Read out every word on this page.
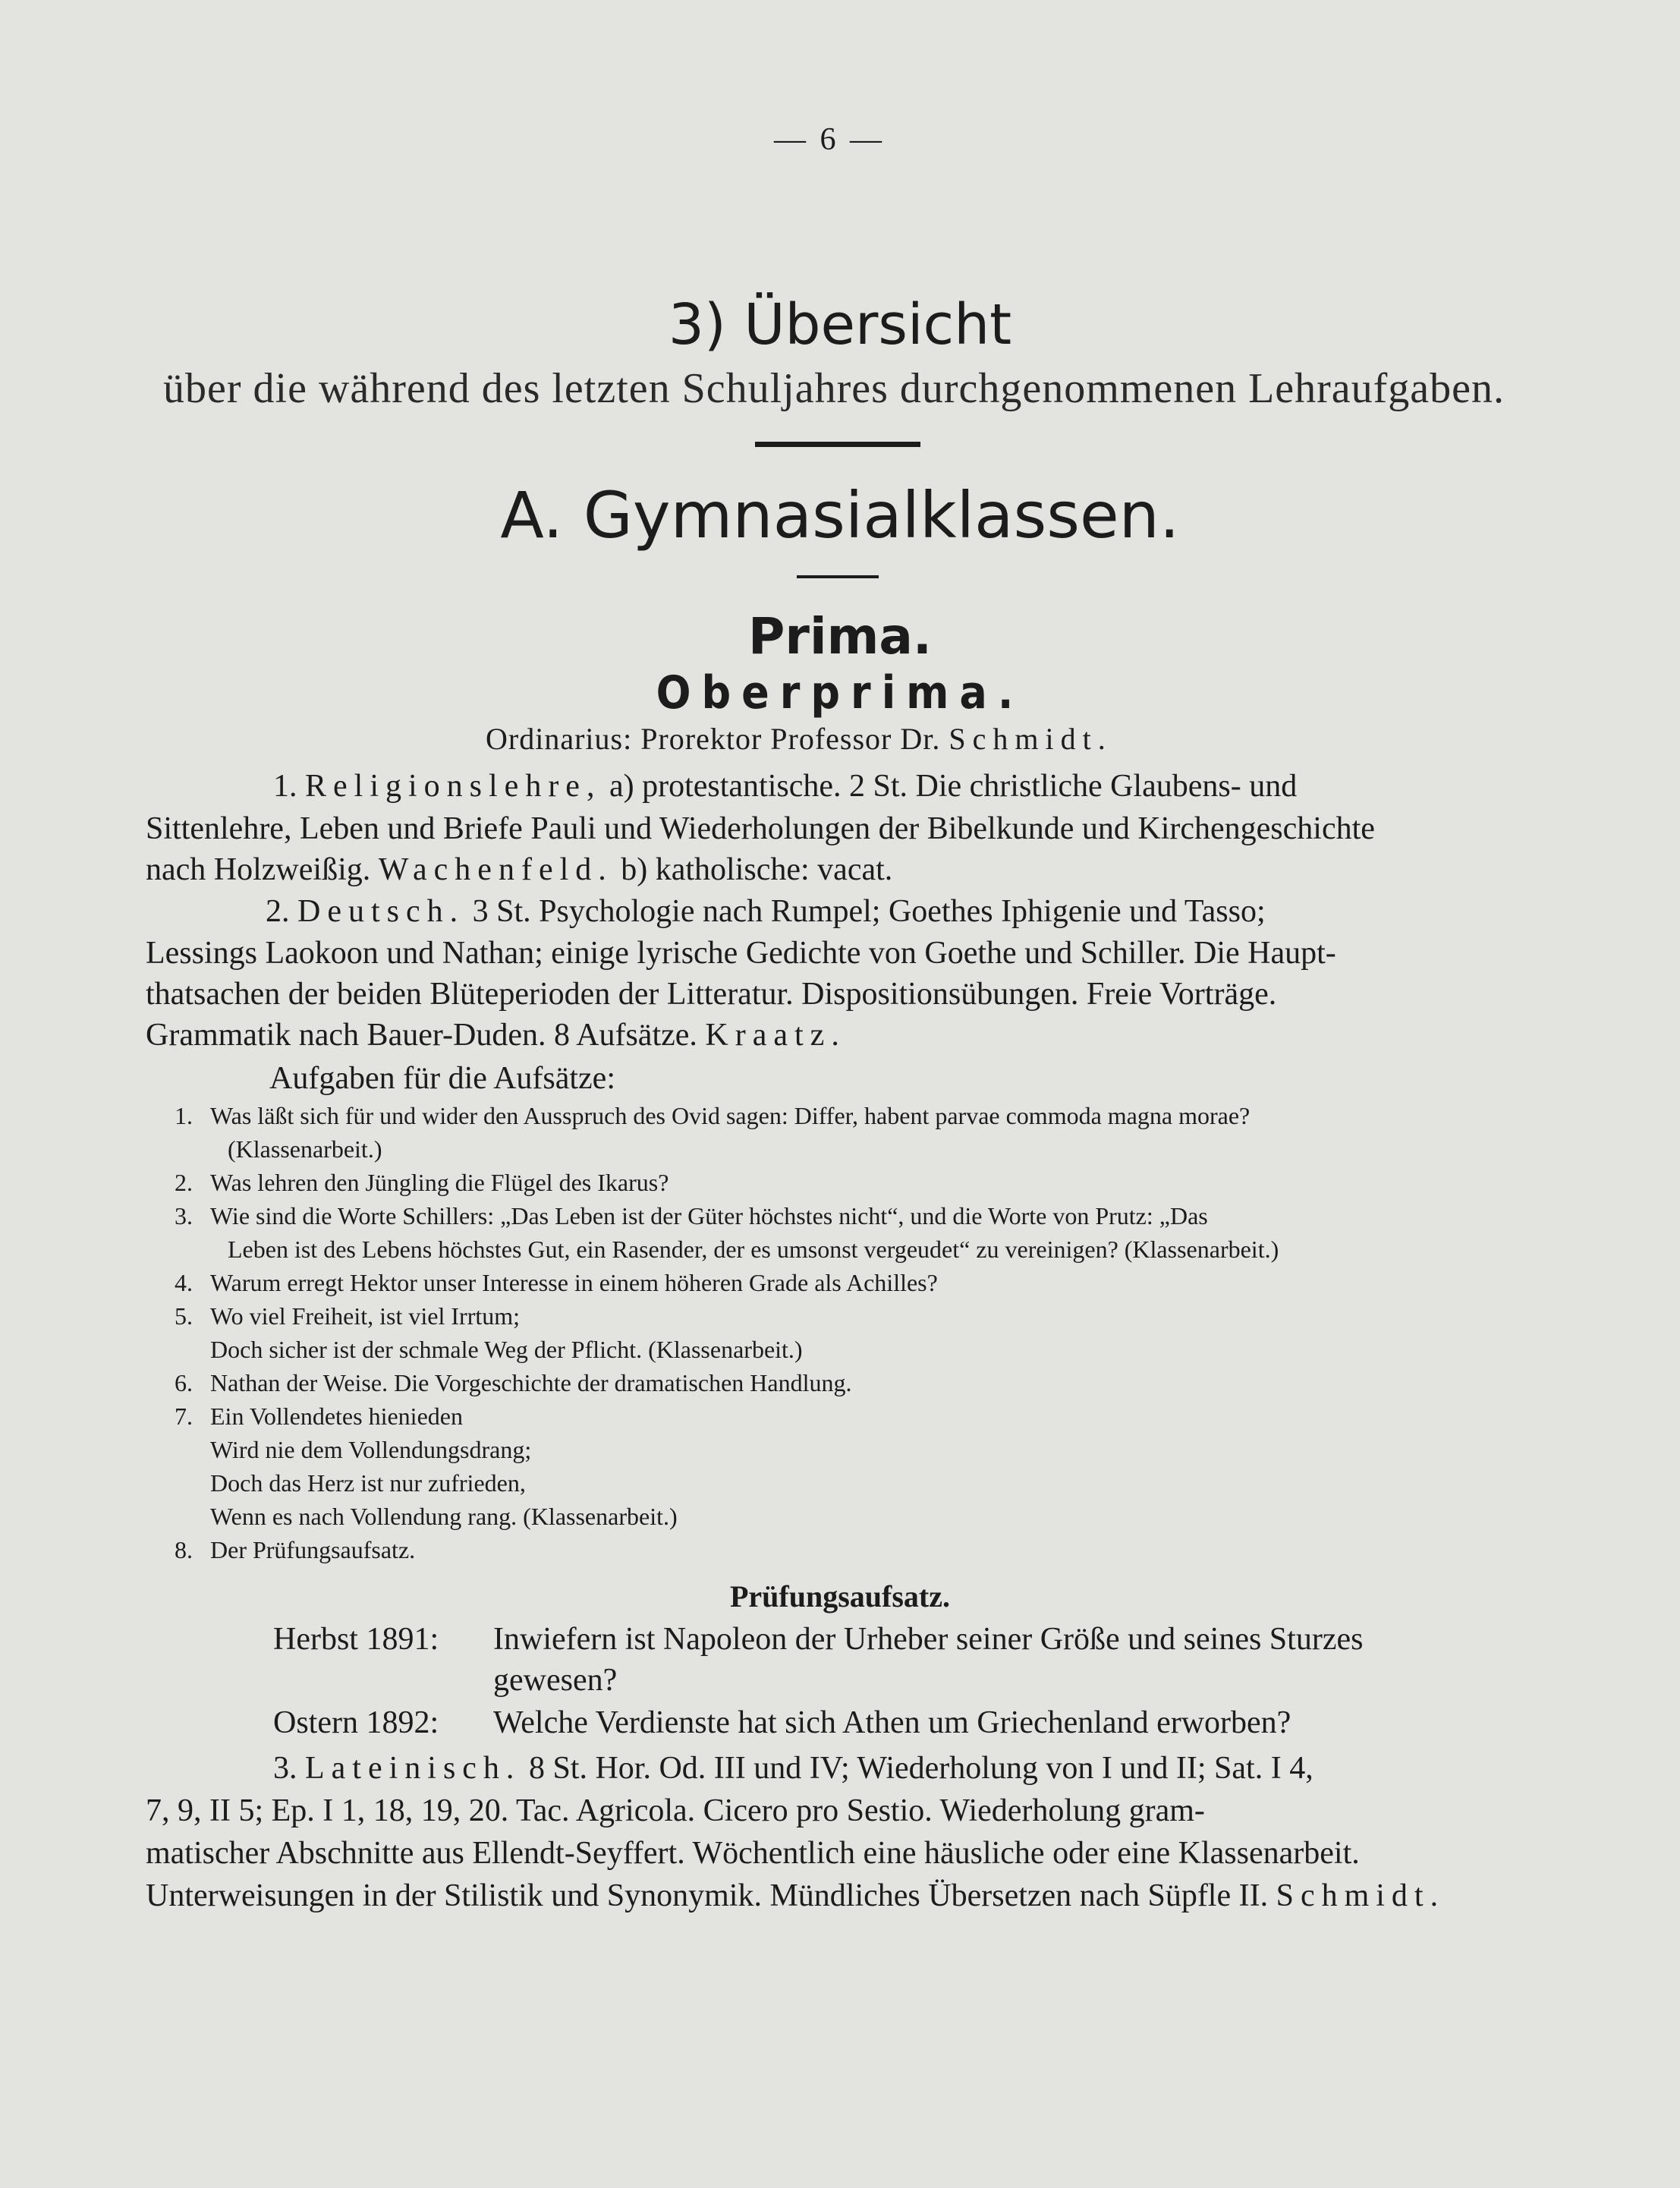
— 6 —
3) Übersicht
über die während des letzten Schuljahres durchgenommenen Lehraufgaben.
A. Gymnasialklassen.
Prima.
Oberprima.
Ordinarius: Prorektor Professor Dr. Schmidt.
1. Religionslehre, a) protestantische. 2 St. Die christliche Glaubens- und
Sittenlehre, Leben und Briefe Pauli und Wiederholungen der Bibelkunde und Kirchengeschichte
nach Holzweißig. Wachenfeld. b) katholische: vacat.
2. Deutsch. 3 St. Psychologie nach Rumpel; Goethes Iphigenie und Tasso;
Lessings Laokoon und Nathan; einige lyrische Gedichte von Goethe und Schiller. Die Haupt-
thatsachen der beiden Blüteperioden der Litteratur. Dispositionsübungen. Freie Vorträge.
Grammatik nach Bauer-Duden. 8 Aufsätze. Kraatz.
Aufgaben für die Aufsätze:
1. Was läßt sich für und wider den Ausspruch des Ovid sagen: Differ, habent parvae commoda magna morae?
(Klassenarbeit.)
2. Was lehren den Jüngling die Flügel des Ikarus?
3. Wie sind die Worte Schillers: „Das Leben ist der Güter höchstes nicht“, und die Worte von Prutz: „Das
Leben ist des Lebens höchstes Gut, ein Rasender, der es umsonst vergeudet“ zu vereinigen? (Klassenarbeit.)
4. Warum erregt Hektor unser Interesse in einem höheren Grade als Achilles?
5. Wo viel Freiheit, ist viel Irrtum;
Doch sicher ist der schmale Weg der Pflicht. (Klassenarbeit.)
6. Nathan der Weise. Die Vorgeschichte der dramatischen Handlung.
7. Ein Vollendetes hienieden
Wird nie dem Vollendungsdrang;
Doch das Herz ist nur zufrieden,
Wenn es nach Vollendung rang. (Klassenarbeit.)
8. Der Prüfungsaufsatz.
Prüfungsaufsatz.
Herbst 1891: Inwiefern ist Napoleon der Urheber seiner Größe und seines Sturzes
gewesen?
Ostern 1892: Welche Verdienste hat sich Athen um Griechenland erworben?
3. Lateinisch. 8 St. Hor. Od. III und IV; Wiederholung von I und II; Sat. I 4,
7, 9, II 5; Ep. I 1, 18, 19, 20. Tac. Agricola. Cicero pro Sestio. Wiederholung gram-
matischer Abschnitte aus Ellendt-Seyffert. Wöchentlich eine häusliche oder eine Klassenarbeit.
Unterweisungen in der Stilistik und Synonymik. Mündliches Übersetzen nach Süpfle II. Schmidt.
